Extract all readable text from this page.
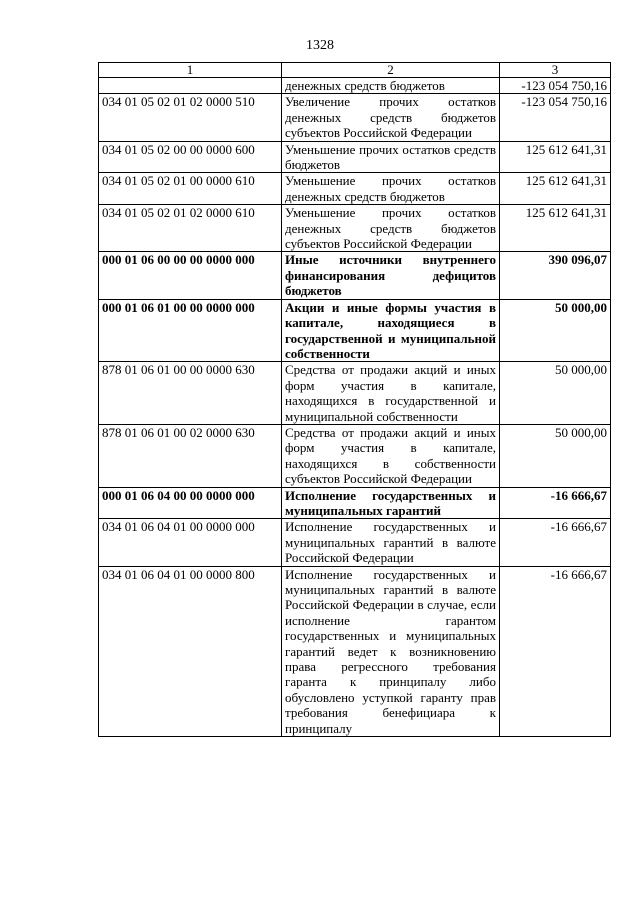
1328
1	2	3
	денежных средств бюджетов	-123 054 750,16
034 01 05 02 01 02 0000 510	Увеличение прочих остатков денежных средств бюджетов субъектов Российской Федерации	-123 054 750,16
034 01 05 02 00 00 0000 600	Уменьшение прочих остатков средств бюджетов	125 612 641,31
034 01 05 02 01 00 0000 610	Уменьшение прочих остатков денежных средств бюджетов	125 612 641,31
034 01 05 02 01 02 0000 610	Уменьшение прочих остатков денежных средств бюджетов субъектов Российской Федерации	125 612 641,31
000 01 06 00 00 00 0000 000	Иные источники внутреннего финансирования дефицитов бюджетов	390 096,07
000 01 06 01 00 00 0000 000	Акции и иные формы участия в капитале, находящиеся в государственной и муниципальной собственности	50 000,00
878 01 06 01 00 00 0000 630	Средства от продажи акций и иных форм участия в капитале, находящихся в государственной и муниципальной собственности	50 000,00
878 01 06 01 00 02 0000 630	Средства от продажи акций и иных форм участия в капитале, находящихся в собственности субъектов Российской Федерации	50 000,00
000 01 06 04 00 00 0000 000	Исполнение государственных и муниципальных гарантий	-16 666,67
034 01 06 04 01 00 0000 000	Исполнение государственных и муниципальных гарантий в валюте Российской Федерации	-16 666,67
034 01 06 04 01 00 0000 800	Исполнение государственных и муниципальных гарантий в валюте Российской Федерации в случае, если исполнение гарантом государственных и муниципальных гарантий ведет к возникновению права регрессного требования гаранта к принципалу либо обусловлено уступкой гаранту прав требования бенефициара к принципалу	-16 666,67
